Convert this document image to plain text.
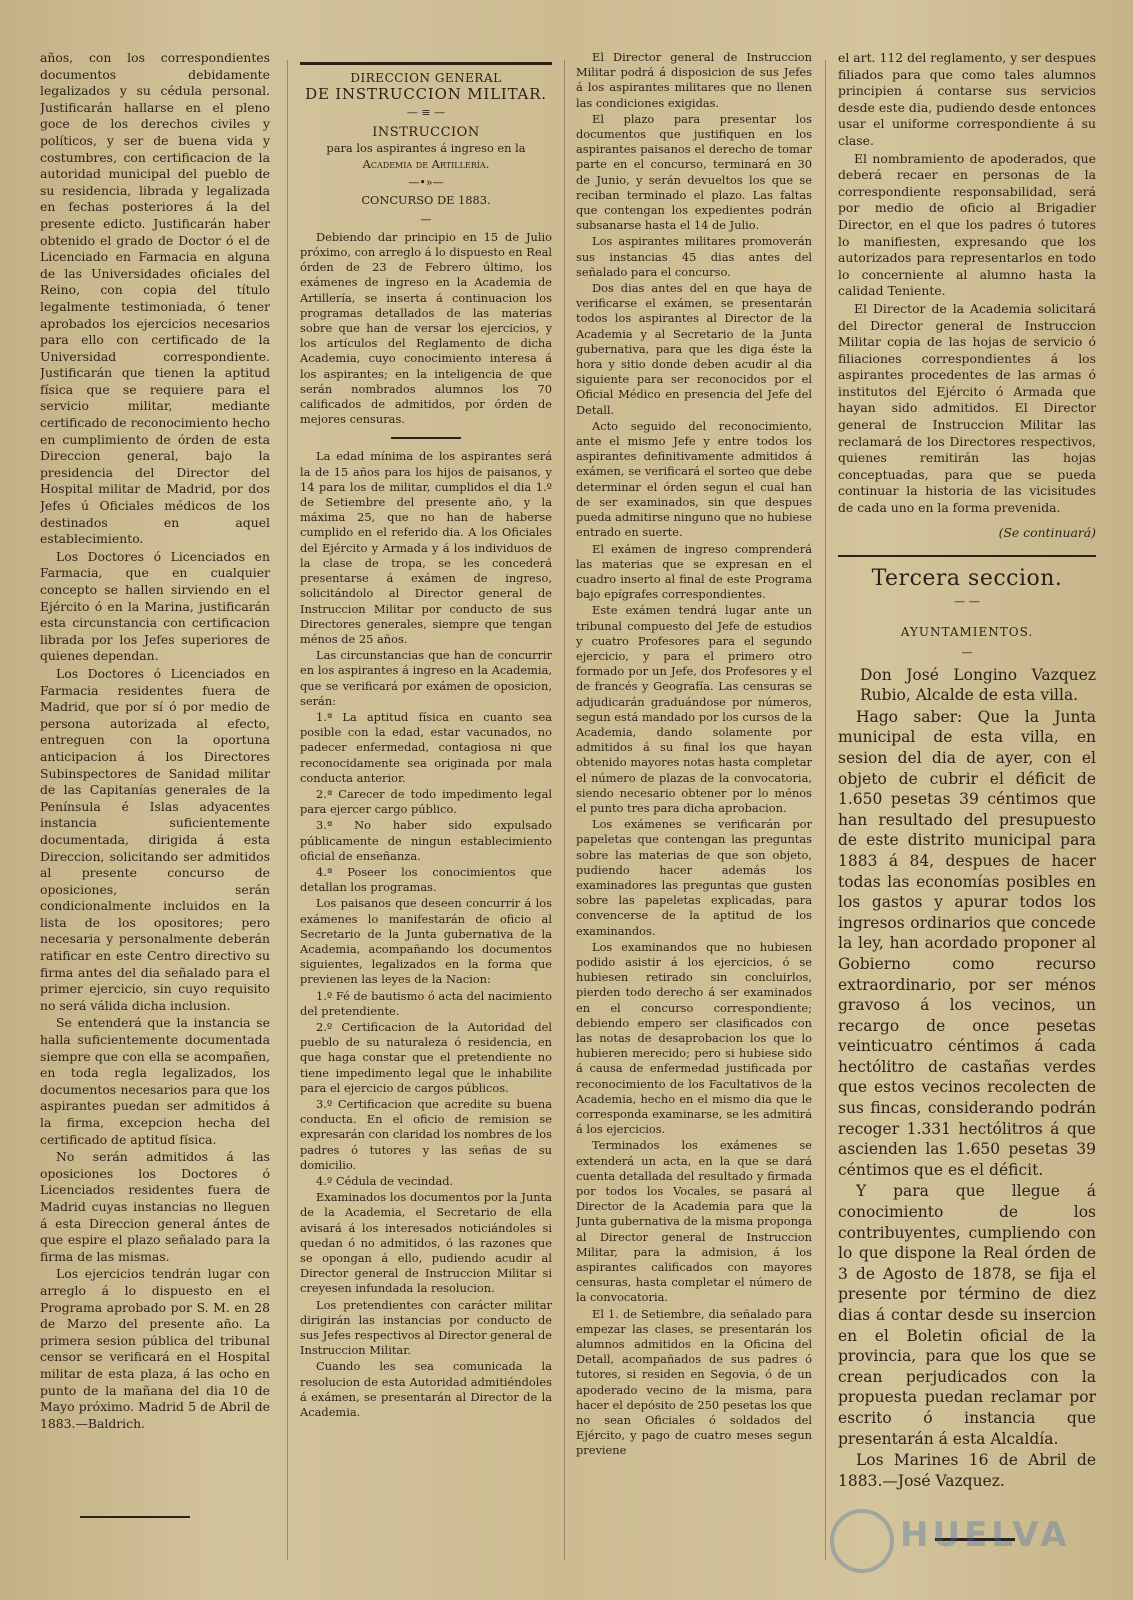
años, con los correspondientes documentos debidamente legalizados y su cédula personal. Justificarán hallarse en el pleno goce de los derechos civiles y políticos, y ser de buena vida y costumbres, con certificacion de la autoridad municipal del pueblo de su residencia, librada y legalizada en fechas posteriores á la del presente edicto. Justificarán haber obtenido el grado de Doctor ó el de Licenciado en Farmacia en alguna de las Universidades oficiales del Reino, con copia del título legalmente testimoniada, ó tener aprobados los ejercicios necesarios para ello con certificado de la Universidad correspondiente. Justificarán que tienen la aptitud física que se requiere para el servicio militar, mediante certificado de reconocimiento hecho en cumplimiento de órden de esta Direccion general, bajo la presidencia del Director del Hospital militar de Madrid, por dos Jefes ú Oficiales médicos de los destinados en aquel establecimiento.

Los Doctores ó Licenciados en Farmacia, que en cualquier concepto se hallen sirviendo en el Ejército ó en la Marina, justificarán esta circunstancia con certificacion librada por los Jefes superiores de quienes dependan.

Los Doctores ó Licenciados en Farmacia residentes fuera de Madrid, que por sí ó por medio de persona autorizada al efecto, entreguen con la oportuna anticipacion á los Directores Subinspectores de Sanidad militar de las Capitanías generales de la Península é Islas adyacentes instancia suficientemente documentada, dirigida á esta Direccion, solicitando ser admitidos al presente concurso de oposiciones, serán condicionalmente incluidos en la lista de los opositores; pero necesaria y personalmente deberán ratificar en este Centro directivo su firma antes del dia señalado para el primer ejercicio, sin cuyo requisito no será válida dicha inclusion.

Se entenderá que la instancia se halla suficientemente documentada siempre que con ella se acompañen, en toda regla legalizados, los documentos necesarios para que los aspirantes puedan ser admitidos á la firma, excepcion hecha del certificado de aptitud física.

No serán admitidos á las oposiciones los Doctores ó Licenciados residentes fuera de Madrid cuyas instancias no lleguen á esta Direccion general ántes de que espire el plazo señalado para la firma de las mismas.

Los ejercicios tendrán lugar con arreglo á lo dispuesto en el Programa aprobado por S. M. en 28 de Marzo del presente año. La primera sesion pública del tribunal censor se verificará en el Hospital militar de esta plaza, á las ocho en punto de la mañana del dia 10 de Mayo próximo. Madrid 5 de Abril de 1883.—Baldrich.

DIRECCION GENERAL

DE INSTRUCCION MILITAR.

— ≡ —

INSTRUCCION

para los aspirantes á ingreso en la

Academia de Artillería.

—•»—

CONCURSO DE 1883.

—

Debiendo dar principio en 15 de Julio próximo, con arreglo á lo dispuesto en Real órden de 23 de Febrero último, los exámenes de ingreso en la Academia de Artillería, se inserta á continuacion los programas detallados de las materias sobre que han de versar los ejercicios, y los artículos del Reglamento de dicha Academia, cuyo conocimiento interesa á los aspirantes; en la inteligencia de que serán nombrados alumnos los 70 calificados de admitidos, por órden de mejores censuras.

La edad mínima de los aspirantes será la de 15 años para los hijos de paisanos, y 14 para los de militar, cumplidos el dia 1.º de Setiembre del presente año, y la máxima 25, que no han de haberse cumplido en el referido dia. A los Oficiales del Ejército y Armada y á los individuos de la clase de tropa, se les concederá presentarse á exámen de ingreso, solicitándolo al Director general de Instruccion Militar por conducto de sus Directores generales, siempre que tengan ménos de 25 años.

Las circunstancias que han de concurrir en los aspirantes á ingreso en la Academia, que se verificará por exámen de oposicion, serán:

1.ª La aptitud física en cuanto sea posible con la edad, estar vacunados, no padecer enfermedad, contagiosa ni que reconocidamente sea originada por mala conducta anterior.

2.ª Carecer de todo impedimento legal para ejercer cargo público.

3.ª No haber sido expulsado públicamente de ningun establecimiento oficial de enseñanza.

4.ª Poseer los conocimientos que detallan los programas.

Los paisanos que deseen concurrir á los exámenes lo manifestarán de oficio al Secretario de la Junta gubernativa de la Academia, acompañando los documentos siguientes, legalizados en la forma que previenen las leyes de la Nacion:

1.º Fé de bautismo ó acta del nacimiento del pretendiente.

2.º Certificacion de la Autoridad del pueblo de su naturaleza ó residencia, en que haga constar que el pretendiente no tiene impedimento legal que le inhabilite para el ejercicio de cargos públicos.

3.º Certificacion que acredite su buena conducta. En el oficio de remision se expresarán con claridad los nombres de los padres ó tutores y las señas de su domicilio.

4.º Cédula de vecindad.

Examinados los documentos por la Junta de la Academia, el Secretario de ella avisará á los interesados noticiándoles si quedan ó no admitidos, ó las razones que se opongan á ello, pudiendo acudir al Director general de Instruccion Militar si creyesen infundada la resolucion.

Los pretendientes con carácter militar dirigirán las instancias por conducto de sus Jefes respectivos al Director general de Instruccion Militar.

Cuando les sea comunicada la resolucion de esta Autoridad admitiéndoles á exámen, se presentarán al Director de la Academia.

El Director general de Instruccion Militar podrá á disposicion de sus Jefes á los aspirantes militares que no llenen las condiciones exigidas.

El plazo para presentar los documentos que justifiquen en los aspirantes paisanos el derecho de tomar parte en el concurso, terminará en 30 de Junio, y serán devueltos los que se reciban terminado el plazo. Las faltas que contengan los expedientes podrán subsanarse hasta el 14 de Julio.

Los aspirantes militares promoverán sus instancias 45 dias antes del señalado para el concurso.

Dos dias antes del en que haya de verificarse el exámen, se presentarán todos los aspirantes al Director de la Academia y al Secretario de la Junta gubernativa, para que les diga éste la hora y sitio donde deben acudir al dia siguiente para ser reconocidos por el Oficial Médico en presencia del Jefe del Detall.

Acto seguido del reconocimiento, ante el mismo Jefe y entre todos los aspirantes definitivamente admitidos á exámen, se verificará el sorteo que debe determinar el órden segun el cual han de ser examinados, sin que despues pueda admitirse ninguno que no hubiese entrado en suerte.

El exámen de ingreso comprenderá las materias que se expresan en el cuadro inserto al final de este Programa bajo epígrafes correspondientes.

Este exámen tendrá lugar ante un tribunal compuesto del Jefe de estudios y cuatro Profesores para el segundo ejercicio, y para el primero otro formado por un Jefe, dos Profesores y el de francés y Geografía. Las censuras se adjudicarán graduándose por números, segun está mandado por los cursos de la Academia, dando solamente por admitidos á su final los que hayan obtenido mayores notas hasta completar el número de plazas de la convocatoria, siendo necesario obtener por lo ménos el punto tres para dicha aprobacion.

Los exámenes se verificarán por papeletas que contengan las preguntas sobre las materias de que son objeto, pudiendo hacer además los examinadores las preguntas que gusten sobre las papeletas explicadas, para convencerse de la aptitud de los examinandos.

Los examinandos que no hubiesen podido asistir á los ejercicios, ó se hubiesen retirado sin concluirlos, pierden todo derecho á ser examinados en el concurso correspondiente; debiendo empero ser clasificados con las notas de desaprobacion los que lo hubieren merecido; pero si hubiese sido á causa de enfermedad justificada por reconocimiento de los Facultativos de la Academia, hecho en el mismo dia que le corresponda examinarse, se les admitirá á los ejercicios.

Terminados los exámenes se extenderá un acta, en la que se dará cuenta detallada del resultado y firmada por todos los Vocales, se pasará al Director de la Academia para que la Junta gubernativa de la misma proponga al Director general de Instruccion Militar, para la admision, á los aspirantes calificados con mayores censuras, hasta completar el número de la convocatoria.

El 1. de Setiembre, dia señalado para empezar las clases, se presentarán los alumnos admitidos en la Oficina del Detall, acompañados de sus padres ó tutores, si residen en Segovia, ó de un apoderado vecino de la misma, para hacer el depósito de 250 pesetas los que no sean Oficiales ó soldados del Ejército, y pago de cuatro meses segun previene

el art. 112 del reglamento, y ser despues filiados para que como tales alumnos principien á contarse sus servicios desde este dia, pudiendo desde entonces usar el uniforme correspondiente á su clase.

El nombramiento de apoderados, que deberá recaer en personas de la correspondiente responsabilidad, será por medio de oficio al Brigadier Director, en el que los padres ó tutores lo manifiesten, expresando que los autorizados para representarlos en todo lo concerniente al alumno hasta la calidad Teniente.

El Director de la Academia solicitará del Director general de Instruccion Militar copia de las hojas de servicio ó filiaciones correspondientes á los aspirantes procedentes de las armas ó institutos del Ejército ó Armada que hayan sido admitidos. El Director general de Instruccion Militar las reclamará de los Directores respectivos, quienes remitirán las hojas conceptuadas, para que se pueda continuar la historia de las vicisitudes de cada uno en la forma prevenida.

(Se continuará)

Tercera seccion.

— —

AYUNTAMIENTOS.

—

Don José Longino Vazquez Rubio, Alcalde de esta villa.

Hago saber: Que la Junta municipal de esta villa, en sesion del dia de ayer, con el objeto de cubrir el déficit de 1.650 pesetas 39 céntimos que han resultado del presupuesto de este distrito municipal para 1883 á 84, despues de hacer todas las economías posibles en los gastos y apurar todos los ingresos ordinarios que concede la ley, han acordado proponer al Gobierno como recurso extraordinario, por ser ménos gravoso á los vecinos, un recargo de once pesetas veinticuatro céntimos á cada hectólitro de castañas verdes que estos vecinos recolecten de sus fincas, considerando podrán recoger 1.331 hectólitros á que ascienden las 1.650 pesetas 39 céntimos que es el déficit.

Y para que llegue á conocimiento de los contribuyentes, cumpliendo con lo que dispone la Real órden de 3 de Agosto de 1878, se fija el presente por término de diez dias á contar desde su insercion en el Boletin oficial de la provincia, para que los que se crean perjudicados con la propuesta puedan reclamar por escrito ó instancia que presentarán á esta Alcaldía.

Los Marines 16 de Abril de 1883.—José Vazquez.

HUELVA
